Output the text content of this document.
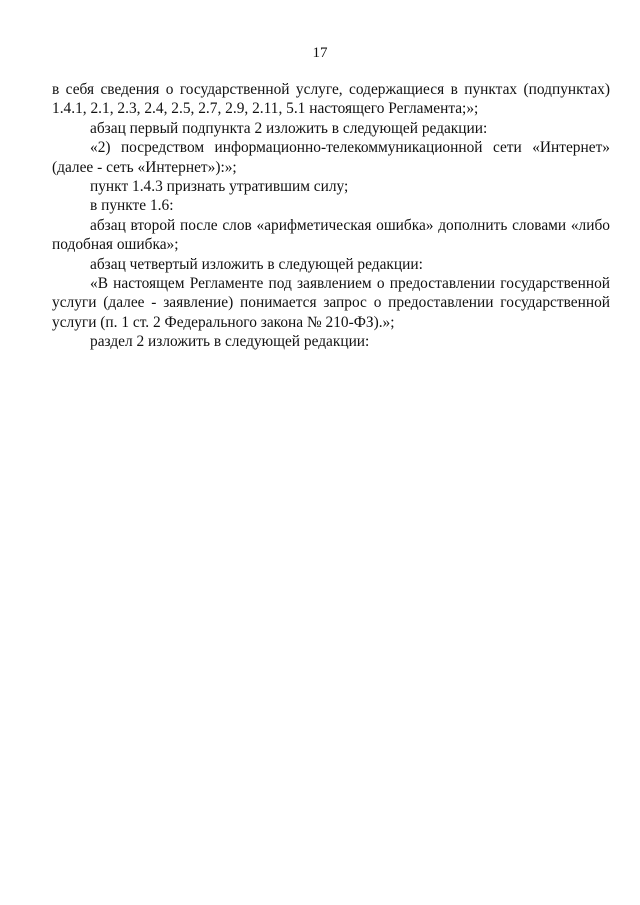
17

в себя сведения о государственной услуге, содержащиеся в пунктах (подпунктах) 1.4.1, 2.1, 2.3, 2.4, 2.5, 2.7, 2.9, 2.11, 5.1 настоящего Регламента;»;

абзац первый подпункта 2 изложить в следующей редакции:

«2) посредством информационно-телекоммуникационной сети «Интернет» (далее - сеть «Интернет»):»;

пункт 1.4.3 признать утратившим силу;

в пункте 1.6:

абзац второй после слов «арифметическая ошибка» дополнить словами «либо подобная ошибка»;

абзац четвертый изложить в следующей редакции:

«В настоящем Регламенте под заявлением о предоставлении государственной услуги (далее - заявление) понимается запрос о предоставлении государственной услуги (п. 1 ст. 2 Федерального закона № 210-ФЗ).»;

раздел 2 изложить в следующей редакции:
